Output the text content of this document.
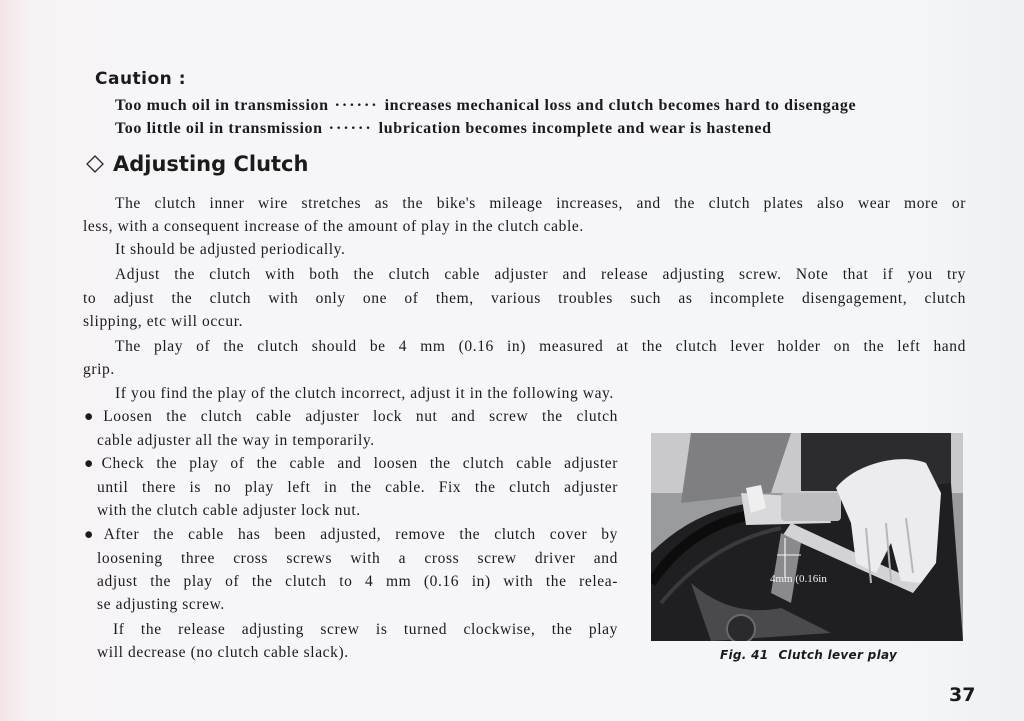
Caution :
Too much oil in transmission ······ increases mechanical loss and clutch becomes hard to disengage
Too little oil in transmission ······ lubrication becomes incomplete and wear is hastened
Adjusting Clutch
The clutch inner wire stretches as the bike's mileage increases, and the clutch plates also wear more or
less, with a consequent increase of the amount of play in the clutch cable.
It should be adjusted periodically.
Adjust the clutch with both the clutch cable adjuster and release adjusting screw. Note that if you try
to adjust the clutch with only one of them, various troubles such as incomplete disengagement, clutch
slipping, etc will occur.
The play of the clutch should be 4 mm (0.16 in) measured at the clutch lever holder on the left hand
grip.
If you find the play of the clutch incorrect, adjust it in the following way.
●Loosen the clutch cable adjuster lock nut and screw the clutch
cable adjuster all the way in temporarily.
●Check the play of the cable and loosen the clutch cable adjuster
until there is no play left in the cable. Fix the clutch adjuster
with the clutch cable adjuster lock nut.
●After the cable has been adjusted, remove the clutch cover by
loosening three cross screws with a cross screw driver and
adjust the play of the clutch to 4 mm (0.16 in) with the relea-
se adjusting screw.
If the release adjusting screw is turned clockwise, the play
will decrease (no clutch cable slack).
4mm (0.16in
Fig. 41 Clutch lever play
37
